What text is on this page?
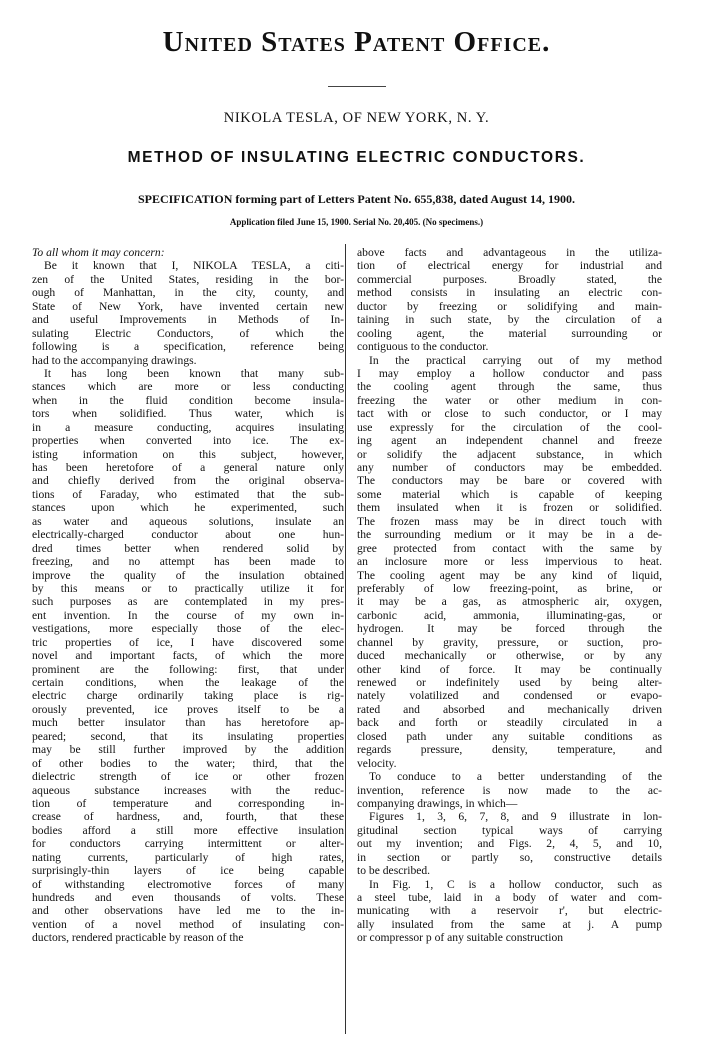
United States Patent Office.
NIKOLA TESLA, OF NEW YORK, N. Y.
METHOD OF INSULATING ELECTRIC CONDUCTORS.
SPECIFICATION forming part of Letters Patent No. 655,838, dated August 14, 1900.
Application filed June 15, 1900. Serial No. 20,405. (No specimens.)
To all whom it may concern:
Be it known that I, NIKOLA TESLA, a citi-
zen of the United States, residing in the bor-
ough of Manhattan, in the city, county, and
State of New York, have invented certain new
and useful Improvements in Methods of In-
sulating Electric Conductors, of which the
following is a specification, reference being
had to the accompanying drawings.
It has long been known that many sub-
stances which are more or less conducting
when in the fluid condition become insula-
tors when solidified. Thus water, which is
in a measure conducting, acquires insulating
properties when converted into ice. The ex-
isting information on this subject, however,
has been heretofore of a general nature only
and chiefly derived from the original observa-
tions of Faraday, who estimated that the sub-
stances upon which he experimented, such
as water and aqueous solutions, insulate an
electrically-charged conductor about one hun-
dred times better when rendered solid by
freezing, and no attempt has been made to
improve the quality of the insulation obtained
by this means or to practically utilize it for
such purposes as are contemplated in my pres-
ent invention. In the course of my own in-
vestigations, more especially those of the elec-
tric properties of ice, I have discovered some
novel and important facts, of which the more
prominent are the following: first, that under
certain conditions, when the leakage of the
electric charge ordinarily taking place is rig-
orously prevented, ice proves itself to be a
much better insulator than has heretofore ap-
peared; second, that its insulating properties
may be still further improved by the addition
of other bodies to the water; third, that the
dielectric strength of ice or other frozen
aqueous substance increases with the reduc-
tion of temperature and corresponding in-
crease of hardness, and, fourth, that these
bodies afford a still more effective insulation
for conductors carrying intermittent or alter-
nating currents, particularly of high rates,
surprisingly-thin layers of ice being capable
of withstanding electromotive forces of many
hundreds and even thousands of volts. These
and other observations have led me to the in-
vention of a novel method of insulating con-
ductors, rendered practicable by reason of the
above facts and advantageous in the utiliza-
tion of electrical energy for industrial and
commercial purposes. Broadly stated, the
method consists in insulating an electric con-
ductor by freezing or solidifying and main-
taining in such state, by the circulation of a
cooling agent, the material surrounding or
contiguous to the conductor.
In the practical carrying out of my method
I may employ a hollow conductor and pass
the cooling agent through the same, thus
freezing the water or other medium in con-
tact with or close to such conductor, or I may
use expressly for the circulation of the cool-
ing agent an independent channel and freeze
or solidify the adjacent substance, in which
any number of conductors may be embedded.
The conductors may be bare or covered with
some material which is capable of keeping
them insulated when it is frozen or solidified.
The frozen mass may be in direct touch with
the surrounding medium or it may be in a de-
gree protected from contact with the same by
an inclosure more or less impervious to heat.
The cooling agent may be any kind of liquid,
preferably of low freezing-point, as brine, or
it may be a gas, as atmospheric air, oxygen,
carbonic acid, ammonia, illuminating-gas, or
hydrogen. It may be forced through the
channel by gravity, pressure, or suction, pro-
duced mechanically or otherwise, or by any
other kind of force. It may be continually
renewed or indefinitely used by being alter-
nately volatilized and condensed or evapo-
rated and absorbed and mechanically driven
back and forth or steadily circulated in a
closed path under any suitable conditions as
regards pressure, density, temperature, and
velocity.
To conduce to a better understanding of the
invention, reference is now made to the ac-
companying drawings, in which—
Figures 1, 3, 6, 7, 8, and 9 illustrate in lon-
gitudinal section typical ways of carrying
out my invention; and Figs. 2, 4, 5, and 10,
in section or partly so, constructive details
to be described.
In Fig. 1, C is a hollow conductor, such as
a steel tube, laid in a body of water and com-
municating with a reservoir r', but electric-
ally insulated from the same at j. A pump
or compressor p of any suitable construction
